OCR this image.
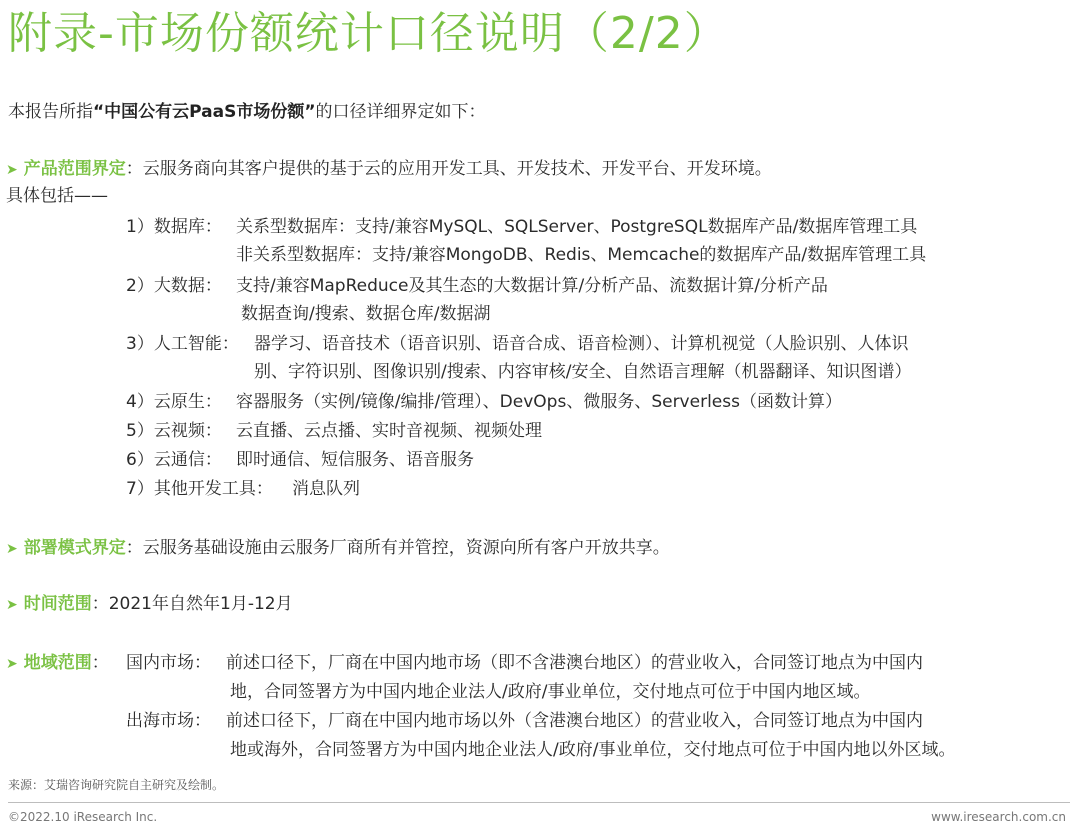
附录-市场份额统计口径说明（2/2）
本报告所指“中国公有云PaaS市场份额”的口径详细界定如下：
➤ 产品范围界定：云服务商向其客户提供的基于云的应用开发工具、开发技术、开发平台、开发环境。
具体包括——
1）数据库： 关系型数据库：支持/兼容MySQL、SQLServer、PostgreSQL数据库产品/数据库管理工具
非关系型数据库：支持/兼容MongoDB、Redis、Memcache的数据库产品/数据库管理工具
2）大数据： 支持/兼容MapReduce及其生态的大数据计算/分析产品、流数据计算/分析产品
数据查询/搜索、数据仓库/数据湖
3）人工智能： 器学习、语音技术（语音识别、语音合成、语音检测）、计算机视觉（人脸识别、人体识
别、字符识别、图像识别/搜索、内容审核/安全、自然语言理解（机器翻译、知识图谱）
4）云原生： 容器服务（实例/镜像/编排/管理）、DevOps、微服务、Serverless（函数计算）
5）云视频： 云直播、云点播、实时音视频、视频处理
6）云通信： 即时通信、短信服务、语音服务
7）其他开发工具： 消息队列
➤ 部署模式界定：云服务基础设施由云服务厂商所有并管控，资源向所有客户开放共享。
➤ 时间范围：2021年自然年1月-12月
➤ 地域范围： 国内市场： 前述口径下，厂商在中国内地市场（即不含港澳台地区）的营业收入，合同签订地点为中国内
地，合同签署方为中国内地企业法人/政府/事业单位，交付地点可位于中国内地区域。
出海市场： 前述口径下，厂商在中国内地市场以外（含港澳台地区）的营业收入，合同签订地点为中国内
地或海外，合同签署方为中国内地企业法人/政府/事业单位，交付地点可位于中国内地以外区域。
来源：艾瑞咨询研究院自主研究及绘制。
©2022.10 iResearch Inc.	www.iresearch.com.cn
